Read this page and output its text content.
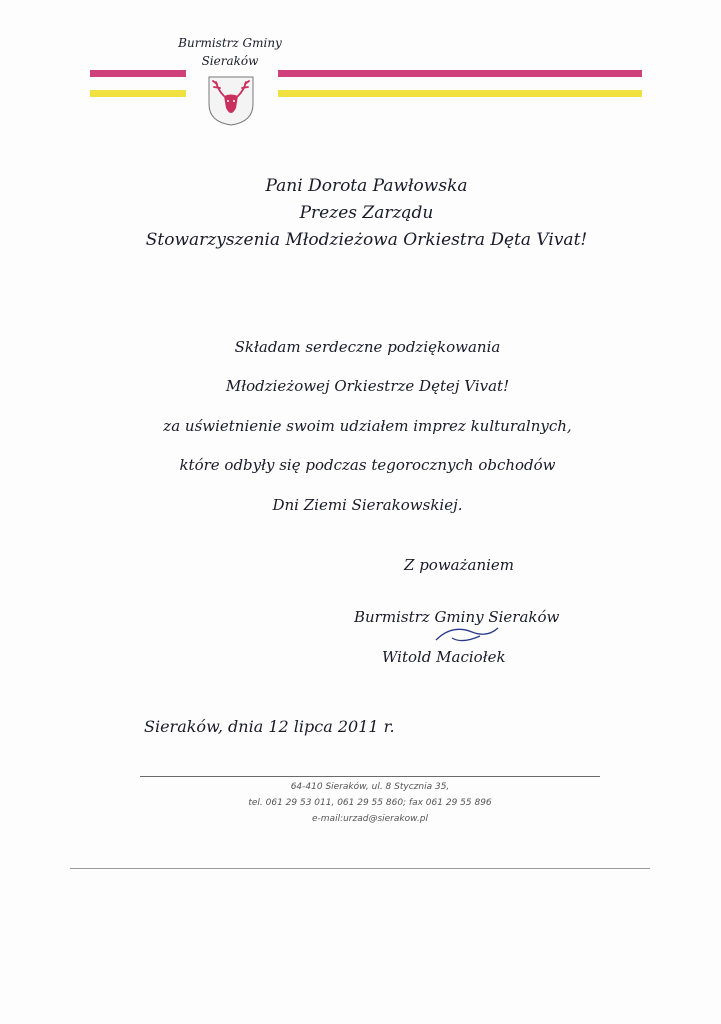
Burmistrz Gminy
Sieraków
Pani Dorota Pawłowska
Prezes Zarządu
Stowarzyszenia Młodzieżowa Orkiestra Dęta Vivat!
Składam serdeczne podziękowania
Młodzieżowej Orkiestrze Dętej Vivat!
za uświetnienie swoim udziałem imprez kulturalnych,
które odbyły się podczas tegorocznych obchodów
Dni Ziemi Sierakowskiej.
Z poważaniem
Burmistrz Gminy Sieraków
Witold Maciołek
Sieraków, dnia 12 lipca 2011 r.
64-410 Sieraków, ul. 8 Stycznia 35,
tel. 061 29 53 011, 061 29 55 860; fax 061 29 55 896
e-mail:urzad@sierakow.pl
